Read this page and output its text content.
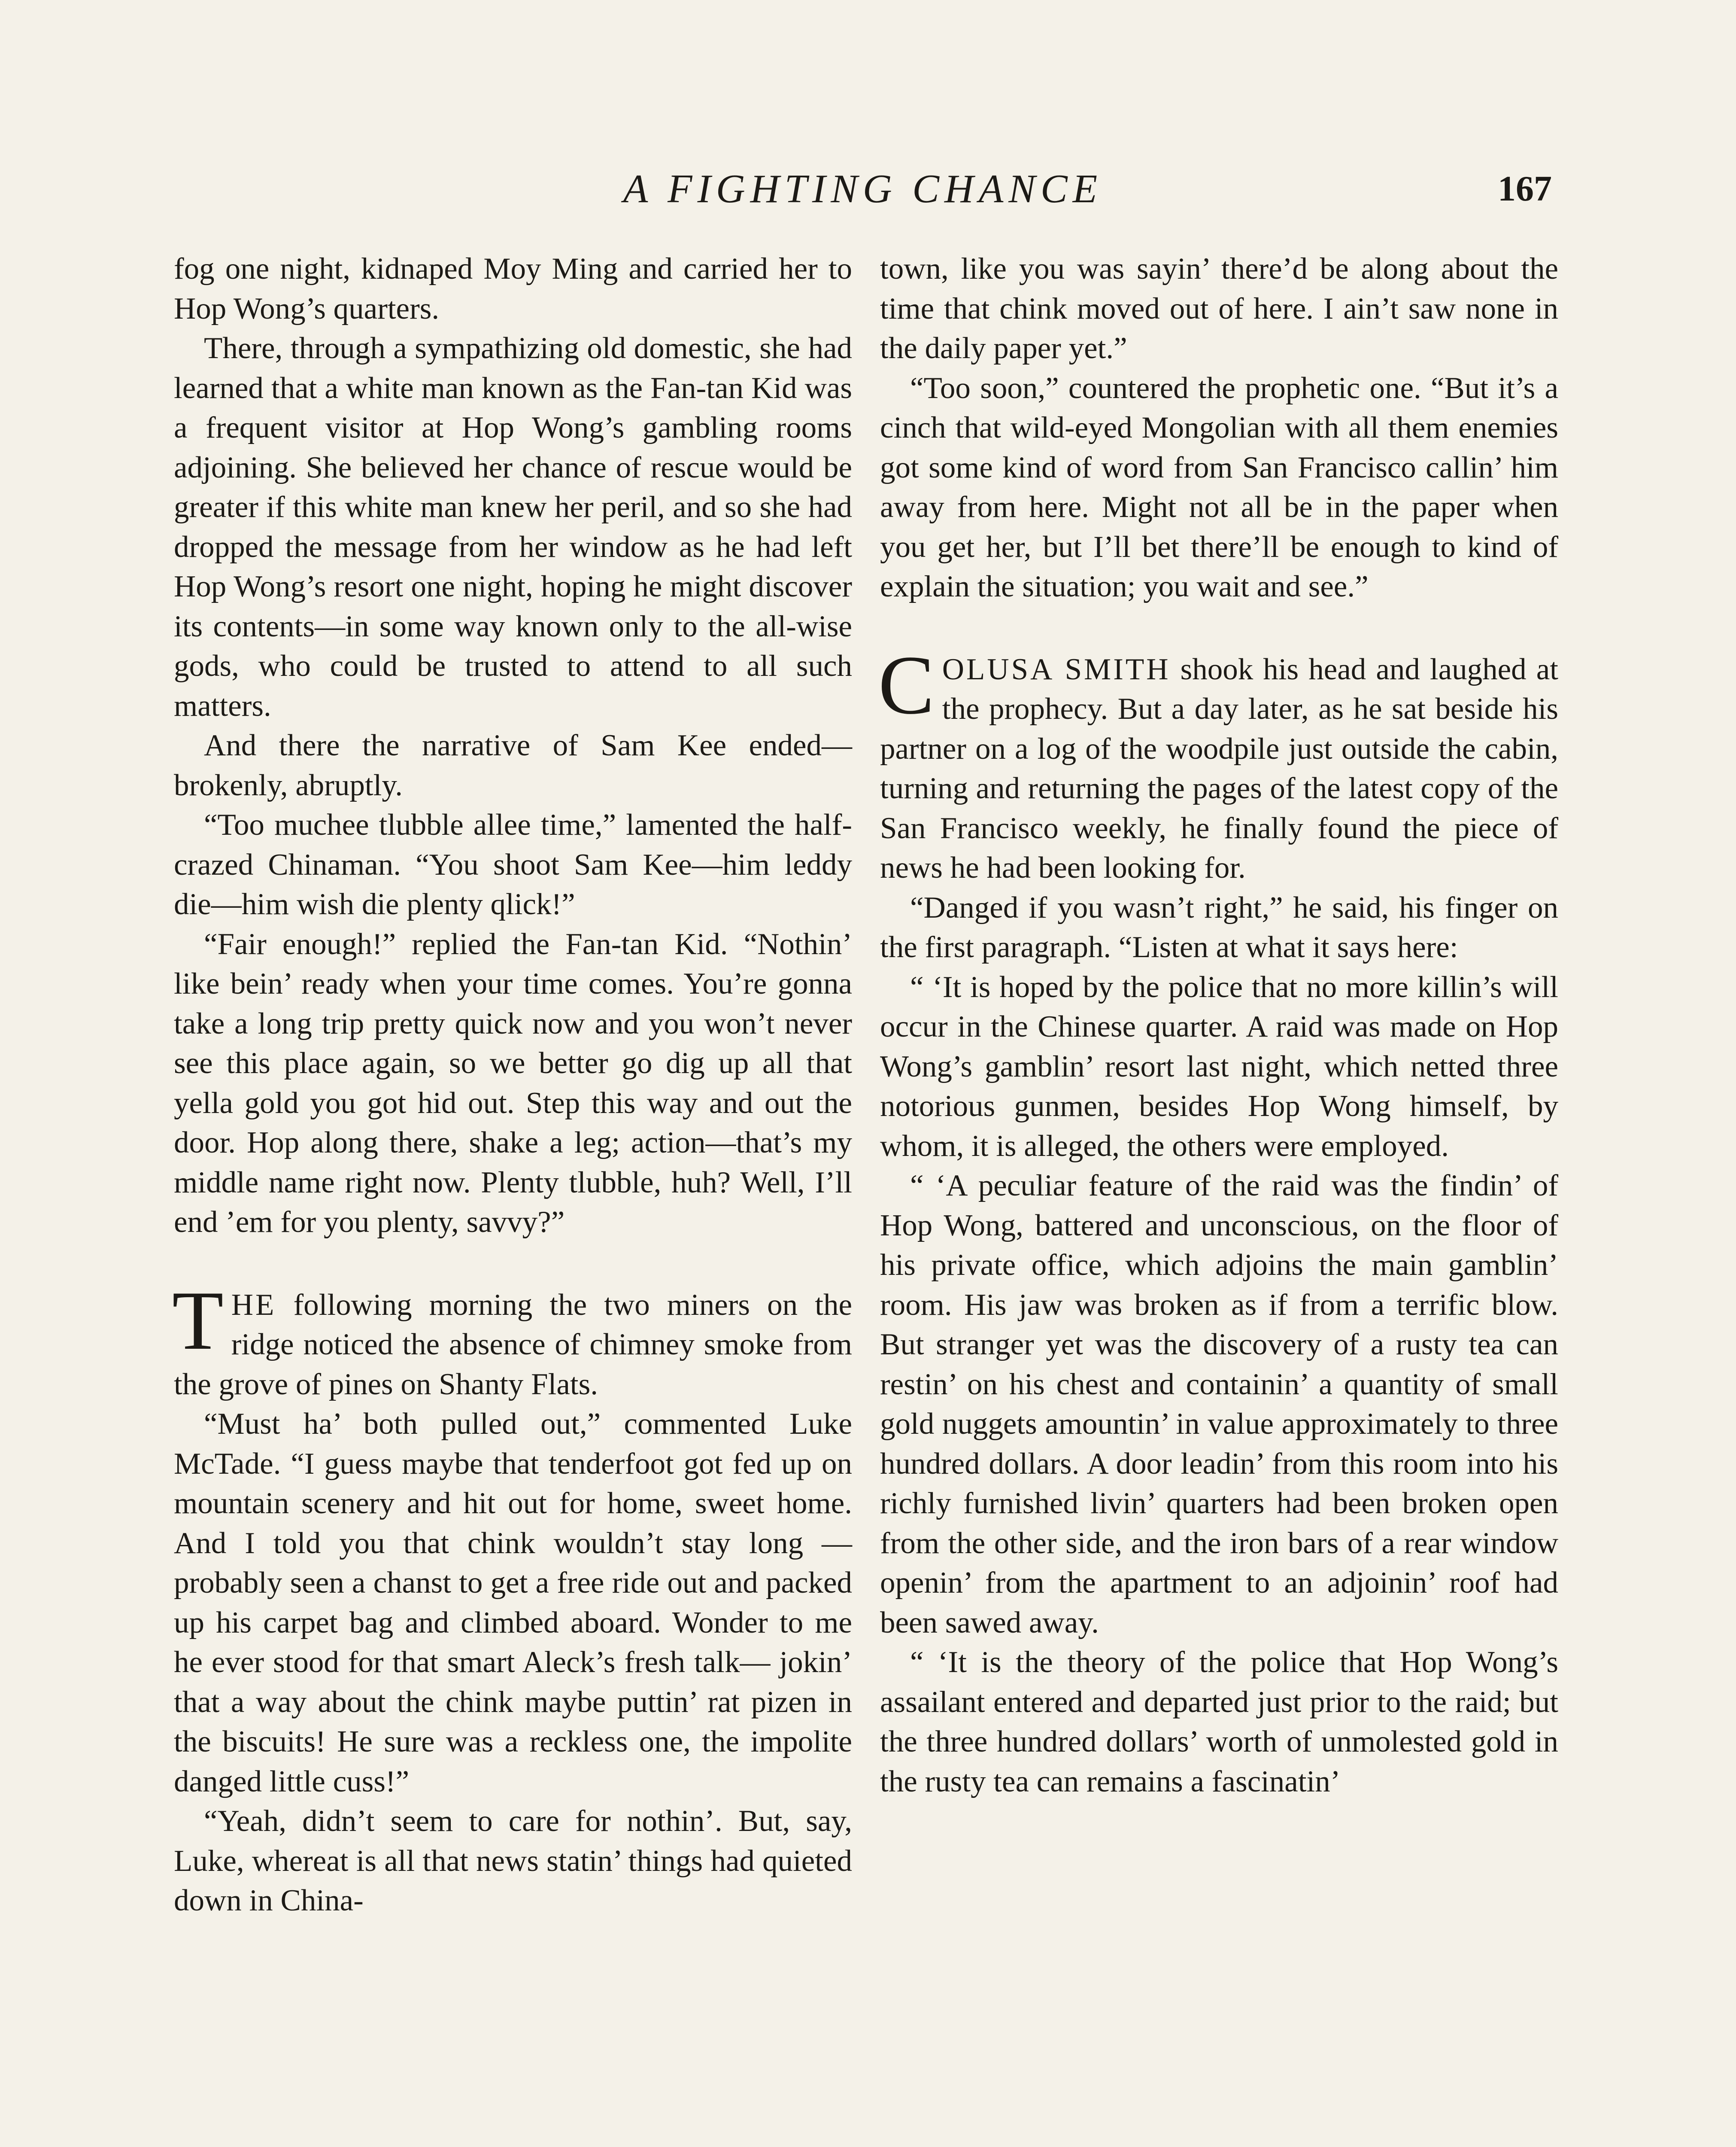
A FIGHTING CHANCE	167

fog one night, kidnaped Moy Ming and carried her to Hop Wong’s quarters.

There, through a sympathizing old domestic, she had learned that a white man known as the Fan-tan Kid was a frequent visitor at Hop Wong’s gambling rooms adjoining. She believed her chance of rescue would be greater if this white man knew her peril, and so she had dropped the message from her window as he had left Hop Wong’s resort one night, hoping he might discover its contents—in some way known only to the all-wise gods, who could be trusted to attend to all such matters.

And there the narrative of Sam Kee ended—brokenly, abruptly.

“Too muchee tlubble allee time,” lamented the half-crazed Chinaman. “You shoot Sam Kee—him leddy die—him wish die plenty qlick!”

“Fair enough!” replied the Fan-tan Kid. “Nothin’ like bein’ ready when your time comes. You’re gonna take a long trip pretty quick now and you won’t never see this place again, so we better go dig up all that yella gold you got hid out. Step this way and out the door. Hop along there, shake a leg; action—that’s my middle name right now. Plenty tlubble, huh? Well, I’ll end ’em for you plenty, savvy?”

THE following morning the two miners on the ridge noticed the absence of chimney smoke from the grove of pines on Shanty Flats.

“Must ha’ both pulled out,” commented Luke McTade. “I guess maybe that tenderfoot got fed up on mountain scenery and hit out for home, sweet home. And I told you that chink wouldn’t stay long —probably seen a chanst to get a free ride out and packed up his carpet bag and climbed aboard. Wonder to me he ever stood for that smart Aleck’s fresh talk— jokin’ that a way about the chink maybe puttin’ rat pizen in the biscuits! He sure was a reckless one, the impolite danged little cuss!”

“Yeah, didn’t seem to care for nothin’. But, say, Luke, whereat is all that news statin’ things had quieted down in China-

town, like you was sayin’ there’d be along about the time that chink moved out of here. I ain’t saw none in the daily paper yet.”

“Too soon,” countered the prophetic one. “But it’s a cinch that wild-eyed Mongolian with all them enemies got some kind of word from San Francisco callin’ him away from here. Might not all be in the paper when you get her, but I’ll bet there’ll be enough to kind of explain the situation; you wait and see.”

COLUSA SMITH shook his head and laughed at the prophecy. But a day later, as he sat beside his partner on a log of the woodpile just outside the cabin, turning and returning the pages of the latest copy of the San Francisco weekly, he finally found the piece of news he had been looking for.

“Danged if you wasn’t right,” he said, his finger on the first paragraph. “Listen at what it says here:

“ ‘It is hoped by the police that no more killin’s will occur in the Chinese quarter. A raid was made on Hop Wong’s gamblin’ resort last night, which netted three notorious gunmen, besides Hop Wong himself, by whom, it is alleged, the others were employed.

“ ‘A peculiar feature of the raid was the findin’ of Hop Wong, battered and unconscious, on the floor of his private office, which adjoins the main gamblin’ room. His jaw was broken as if from a terrific blow. But stranger yet was the discovery of a rusty tea can restin’ on his chest and containin’ a quantity of small gold nuggets amountin’ in value approximately to three hundred dollars. A door leadin’ from this room into his richly furnished livin’ quarters had been broken open from the other side, and the iron bars of a rear window openin’ from the apartment to an adjoinin’ roof had been sawed away.

“ ‘It is the theory of the police that Hop Wong’s assailant entered and departed just prior to the raid; but the three hundred dollars’ worth of unmolested gold in the rusty tea can remains a fascinatin’
